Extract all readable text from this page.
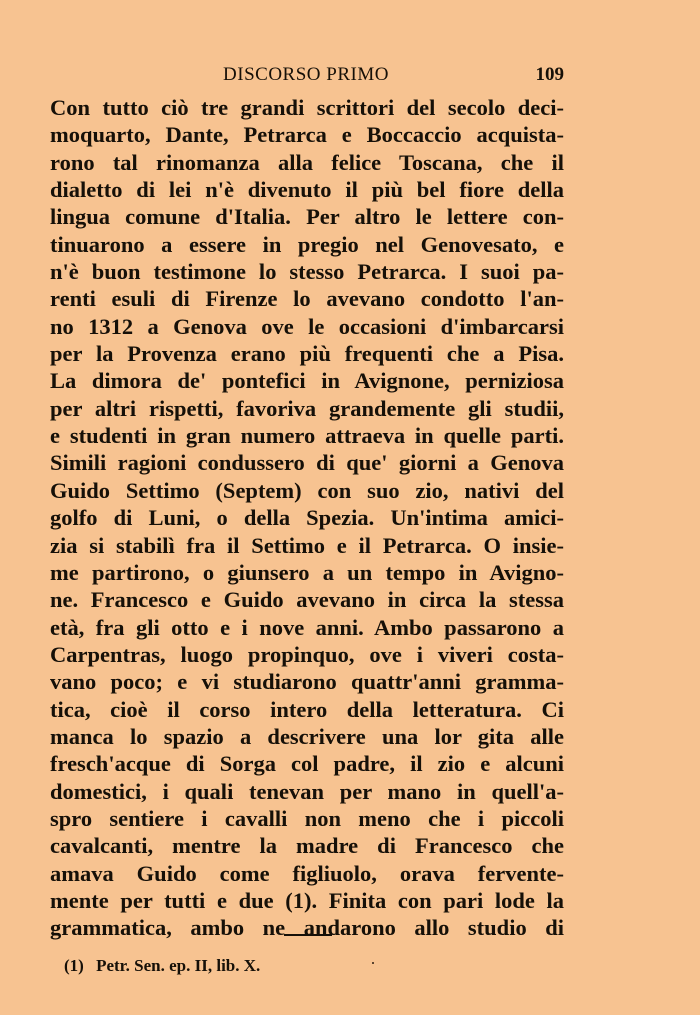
DISCORSO PRIMO	109
Con tutto ciò tre grandi scrittori del secolo deci-
moquarto, Dante, Petrarca e Boccaccio acquista-
rono tal rinomanza alla felice Toscana, che il
dialetto di lei n'è divenuto il più bel fiore della
lingua comune d'Italia. Per altro le lettere con-
tinuarono a essere in pregio nel Genovesato, e
n'è buon testimone lo stesso Petrarca. I suoi pa-
renti esuli di Firenze lo avevano condotto l'an-
no 1312 a Genova ove le occasioni d'imbarcarsi
per la Provenza erano più frequenti che a Pisa.
La dimora de' pontefici in Avignone, perniziosa
per altri rispetti, favoriva grandemente gli studii,
e studenti in gran numero attraeva in quelle parti.
Simili ragioni condussero di que' giorni a Genova
Guido Settimo (Septem) con suo zio, nativi del
golfo di Luni, o della Spezia. Un'intima amici-
zia si stabilì fra il Settimo e il Petrarca. O insie-
me partirono, o giunsero a un tempo in Avigno-
ne. Francesco e Guido avevano in circa la stessa
età, fra gli otto e i nove anni. Ambo passarono a
Carpentras, luogo propinquo, ove i viveri costa-
vano poco; e vi studiarono quattr'anni gramma-
tica, cioè il corso intero della letteratura. Ci
manca lo spazio a descrivere una lor gita alle
fresch'acque di Sorga col padre, il zio e alcuni
domestici, i quali tenevan per mano in quell'a-
spro sentiere i cavalli non meno che i piccoli
cavalcanti, mentre la madre di Francesco che
amava Guido come figliuolo, orava fervente-
mente per tutti e due (1). Finita con pari lode la
grammatica, ambo ne andarono allo studio di
(1) Petr. Sen. ep. II, lib. X.
